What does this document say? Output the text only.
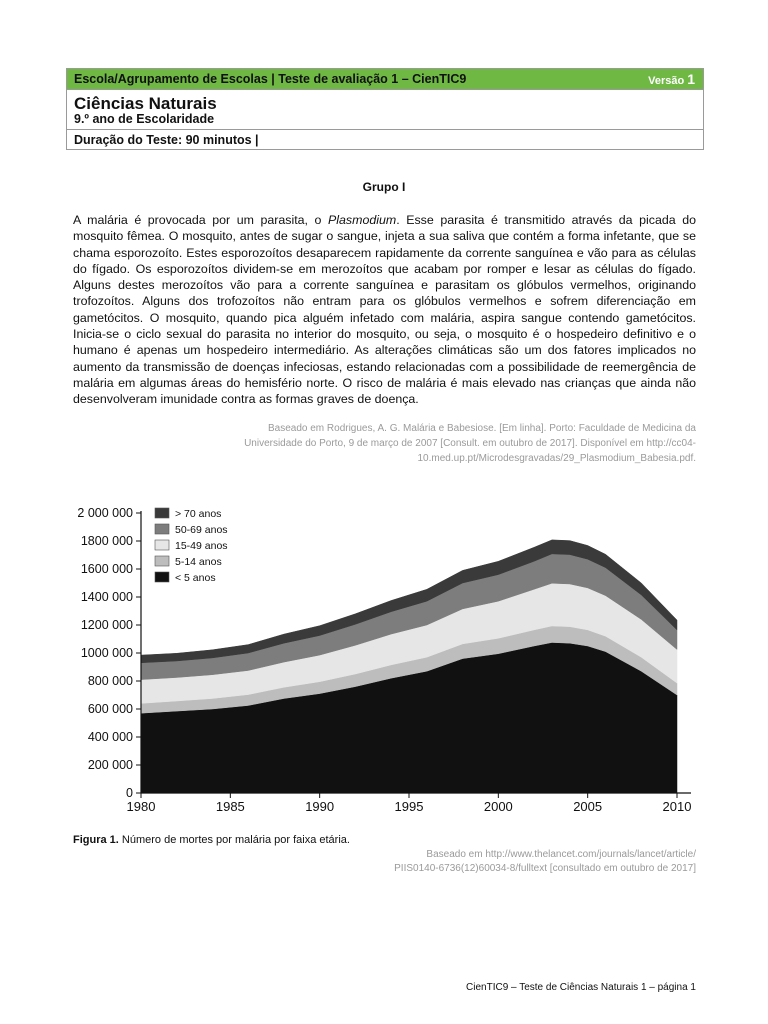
Escola/Agrupamento de Escolas | Teste de avaliação 1 – CienTIC9	Versão 1
Ciências Naturais
9.º ano de Escolaridade
Duração do Teste: 90 minutos |
Grupo I
A malária é provocada por um parasita, o Plasmodium. Esse parasita é transmitido através da picada do mosquito fêmea. O mosquito, antes de sugar o sangue, injeta a sua saliva que contém a forma infetante, que se chama esporozoíto. Estes esporozoítos desaparecem rapidamente da corrente sanguínea e vão para as células do fígado. Os esporozoítos dividem-se em merozoítos que acabam por romper e lesar as células do fígado. Alguns destes merozoítos vão para a corrente sanguínea e parasitam os glóbulos vermelhos, originando trofozoítos. Alguns dos trofozoítos não entram para os glóbulos vermelhos e sofrem diferenciação em gametócitos. O mosquito, quando pica alguém infetado com malária, aspira sangue contendo gametócitos. Inicia-se o ciclo sexual do parasita no interior do mosquito, ou seja, o mosquito é o hospedeiro definitivo e o humano é apenas um hospedeiro intermediário. As alterações climáticas são um dos fatores implicados no aumento da transmissão de doenças infeciosas, estando relacionadas com a possibilidade de reemergência de malária em algumas áreas do hemisfério norte. O risco de malária é mais elevado nas crianças que ainda não desenvolveram imunidade contra as formas graves de doença.
Baseado em Rodrigues, A. G. Malária e Babesiose. [Em linha]. Porto: Faculdade de Medicina da
Universidade do Porto, 9 de março de 2007 [Consult. em outubro de 2017]. Disponível em http://cc04-
10.med.up.pt/Microdesgravadas/29_Plasmodium_Babesia.pdf.
2 000 000
1800 000
1600 000
1400 000
1200 000
1000 000
800 000
600 000
400 000
200 000
0
1980	1985	1990	1995	2000	2005	2010
> 70 anos
50-69 anos
15-49 anos
5-14 anos
< 5 anos
Figura 1. Número de mortes por malária por faixa etária.
Baseado em http://www.thelancet.com/journals/lancet/article/
PIIS0140-6736(12)60034-8/fulltext [consultado em outubro de 2017]
CienTIC9 – Teste de Ciências Naturais 1 – página 1
